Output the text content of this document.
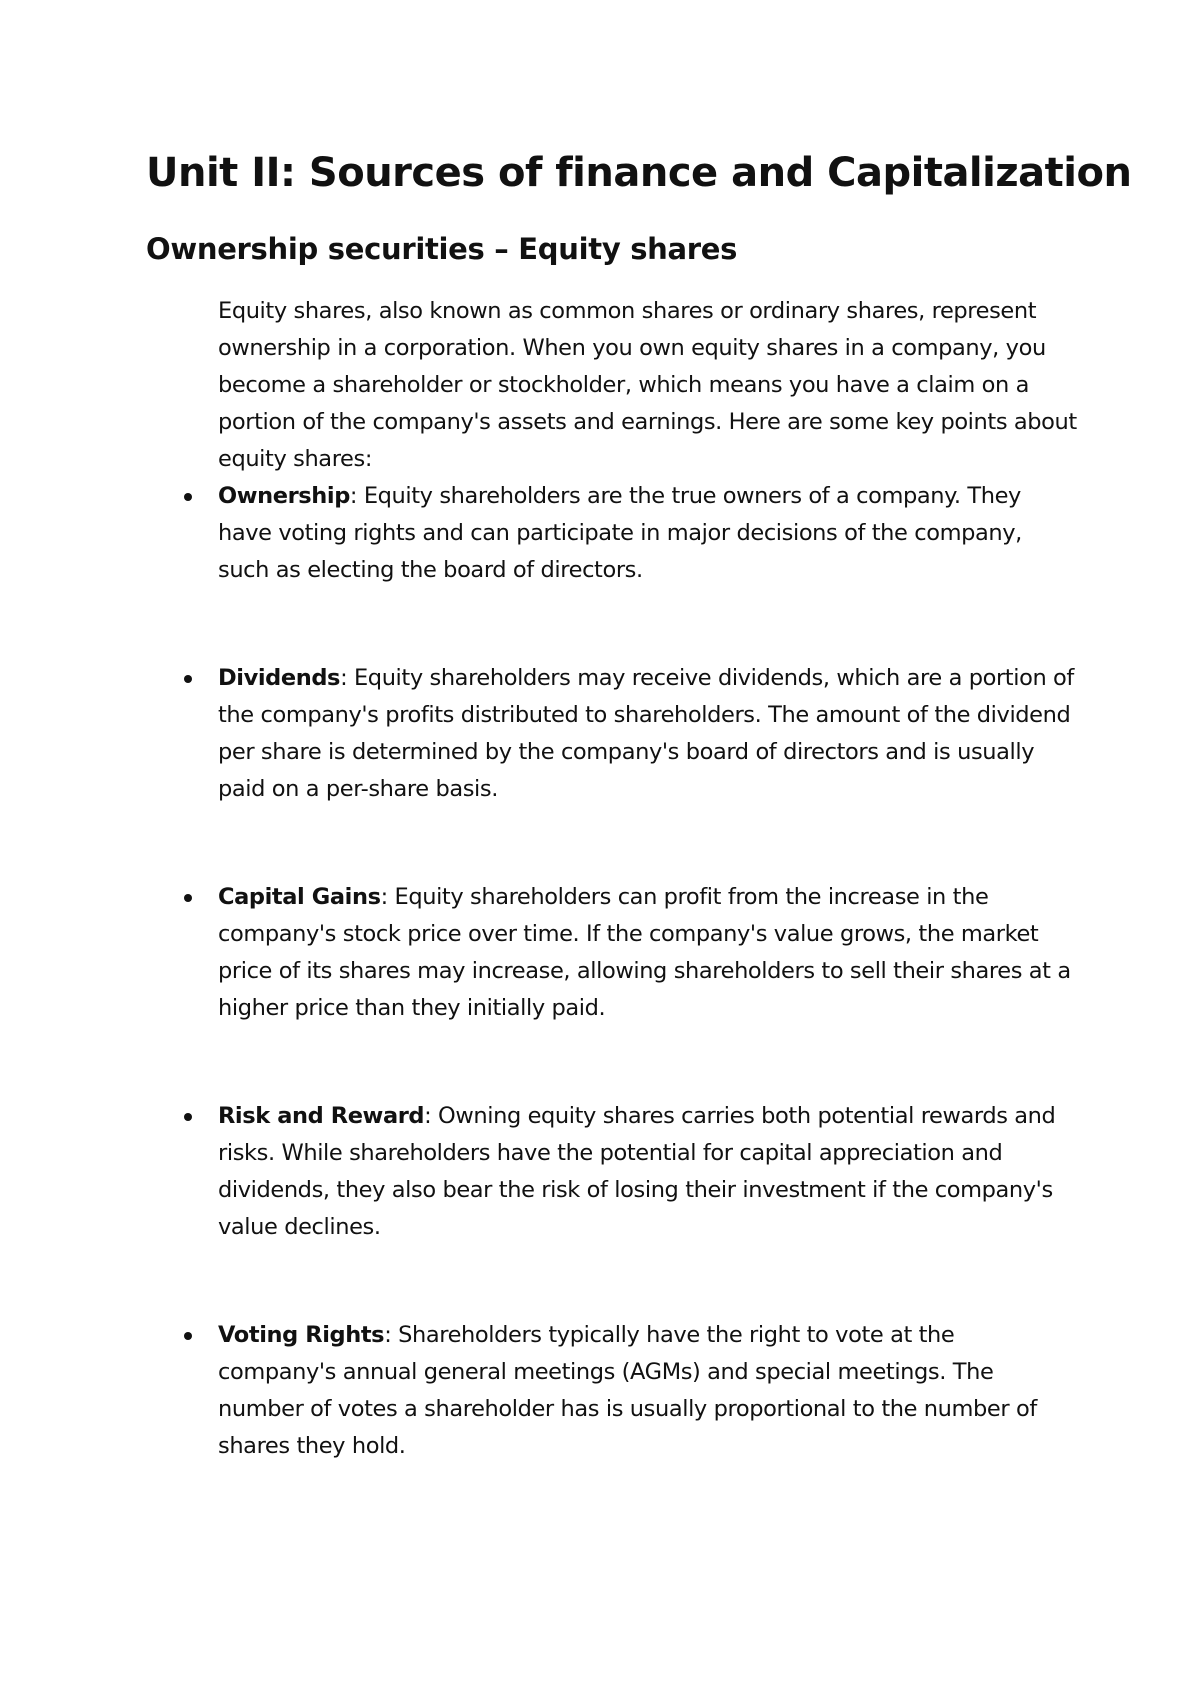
Unit II: Sources of finance and Capitalization
Ownership securities – Equity shares

Equity shares, also known as common shares or ordinary shares, represent ownership in a corporation. When you own equity shares in a company, you become a shareholder or stockholder, which means you have a claim on a portion of the company's assets and earnings. Here are some key points about equity shares:

Ownership: Equity shareholders are the true owners of a company. They have voting rights and can participate in major decisions of the company, such as electing the board of directors.
Dividends: Equity shareholders may receive dividends, which are a portion of the company's profits distributed to shareholders. The amount of the dividend per share is determined by the company's board of directors and is usually paid on a per-share basis.
Capital Gains: Equity shareholders can profit from the increase in the company's stock price over time. If the company's value grows, the market price of its shares may increase, allowing shareholders to sell their shares at a higher price than they initially paid.
Risk and Reward: Owning equity shares carries both potential rewards and risks. While shareholders have the potential for capital appreciation and dividends, they also bear the risk of losing their investment if the company's value declines.
Voting Rights: Shareholders typically have the right to vote at the company's annual general meetings (AGMs) and special meetings. The number of votes a shareholder has is usually proportional to the number of shares they hold.
